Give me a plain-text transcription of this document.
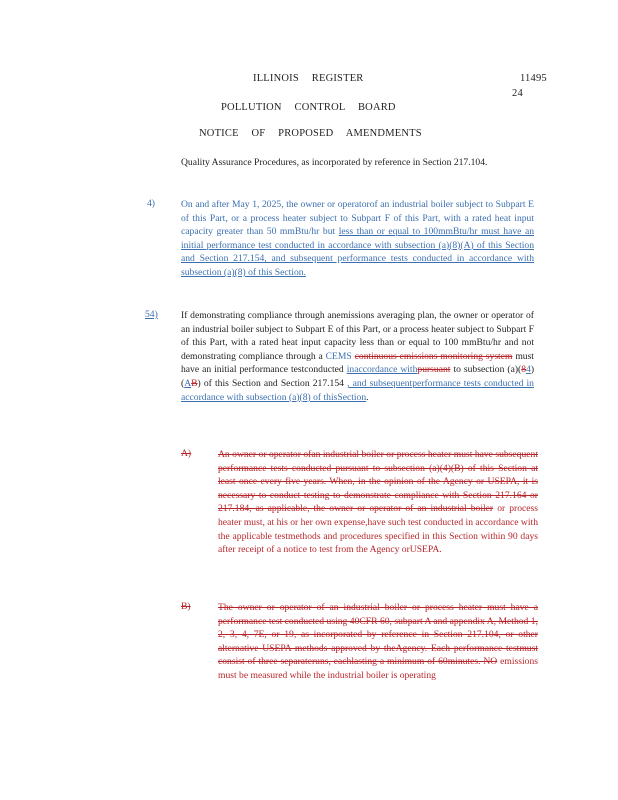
ILLINOIS REGISTER	11495
24
POLLUTION CONTROL BOARD
NOTICE OF PROPOSED AMENDMENTS
Quality Assurance Procedures, as incorporated by reference in Section 217.104.
4)	On and after May 1, 2025, the owner or operatorof an industrial boiler subject to Subpart E of this Part, or a process heater subject to Subpart F of this Part, with a rated heat input capacity greater than 50 mmBtu/hr but less than or equal to 100mmBtu/hr must have an initial performance test conducted in accordance with subsection (a)(8)(A) of this Section and Section 217.154, and subsequent performance tests conducted in accordance with subsection (a)(8) of this Section.
54) If demonstrating compliance through anemissions averaging plan, the owner or operator of an industrial boiler subject to Subpart E of this Part, or a process heater subject to Subpart F of this Part, with a rated heat input capacity less than or equal to 100 mmBtu/hr and not demonstrating compliance through a CEMS continuous emissions monitoring system must have an initial performance testconducted inaccordance withpursuant to subsection (a)(84)(AB) of this Section and Section 217.154 , and subsequentperformance tests conducted in accordance with subsection (a)(8) of thisSection.
A)	An owner or operator ofan industrial boiler or process heater must have subsequent performance tests conducted pursuant to subsection (a)(4)(B) of this Section at least once every five years. When, in the opinion of the Agency or USEPA, it is necessary to conduct testing to demonstrate compliance with Section 217.164 or 217.184, as applicable, the owner or operator of an industrial boiler or process heater must, at his or her own expense,have such test conducted in accordance with the applicable testmethods and procedures specified in this Section within 90 days after receipt of a notice to test from the Agency orUSEPA.
B)	The owner or operator of an industrial boiler or process heater must have a performance test conducted using 40CFR 60, subpart A and appendix A, Method 1, 2, 3, 4, 7E, or 19, as incorporated by reference in Section 217.104, or other alternative USEPA methods approved by theAgency. Each performance testmust consist of three separateruns, eachlasting a minimum of 60minutes. NO emissions must be measured while the industrial boiler is operating
